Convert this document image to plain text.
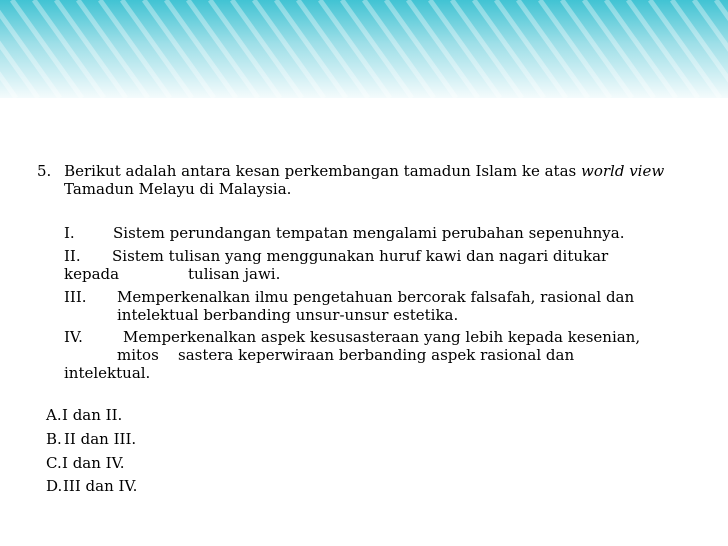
5. Berikut adalah antara kesan perkembangan tamadun Islam ke atas world view
Tamadun Melayu di Malaysia.
I.	Sistem perundangan tempatan mengalami perubahan sepenuhnya.
II. Sistem tulisan yang menggunakan huruf kawi dan nagari ditukar
kepada	tulisan jawi.
III. Memperkenalkan ilmu pengetahuan bercorak falsafah, rasional dan
intelektual berbanding unsur-unsur estetika.
IV.	Memperkenalkan aspek kesusasteraan yang lebih kepada kesenian,
mitos sastera keperwiraan berbanding aspek rasional dan
intelektual.
A. I dan II.
B. II dan III.
C. I dan IV.
D. III dan IV.
